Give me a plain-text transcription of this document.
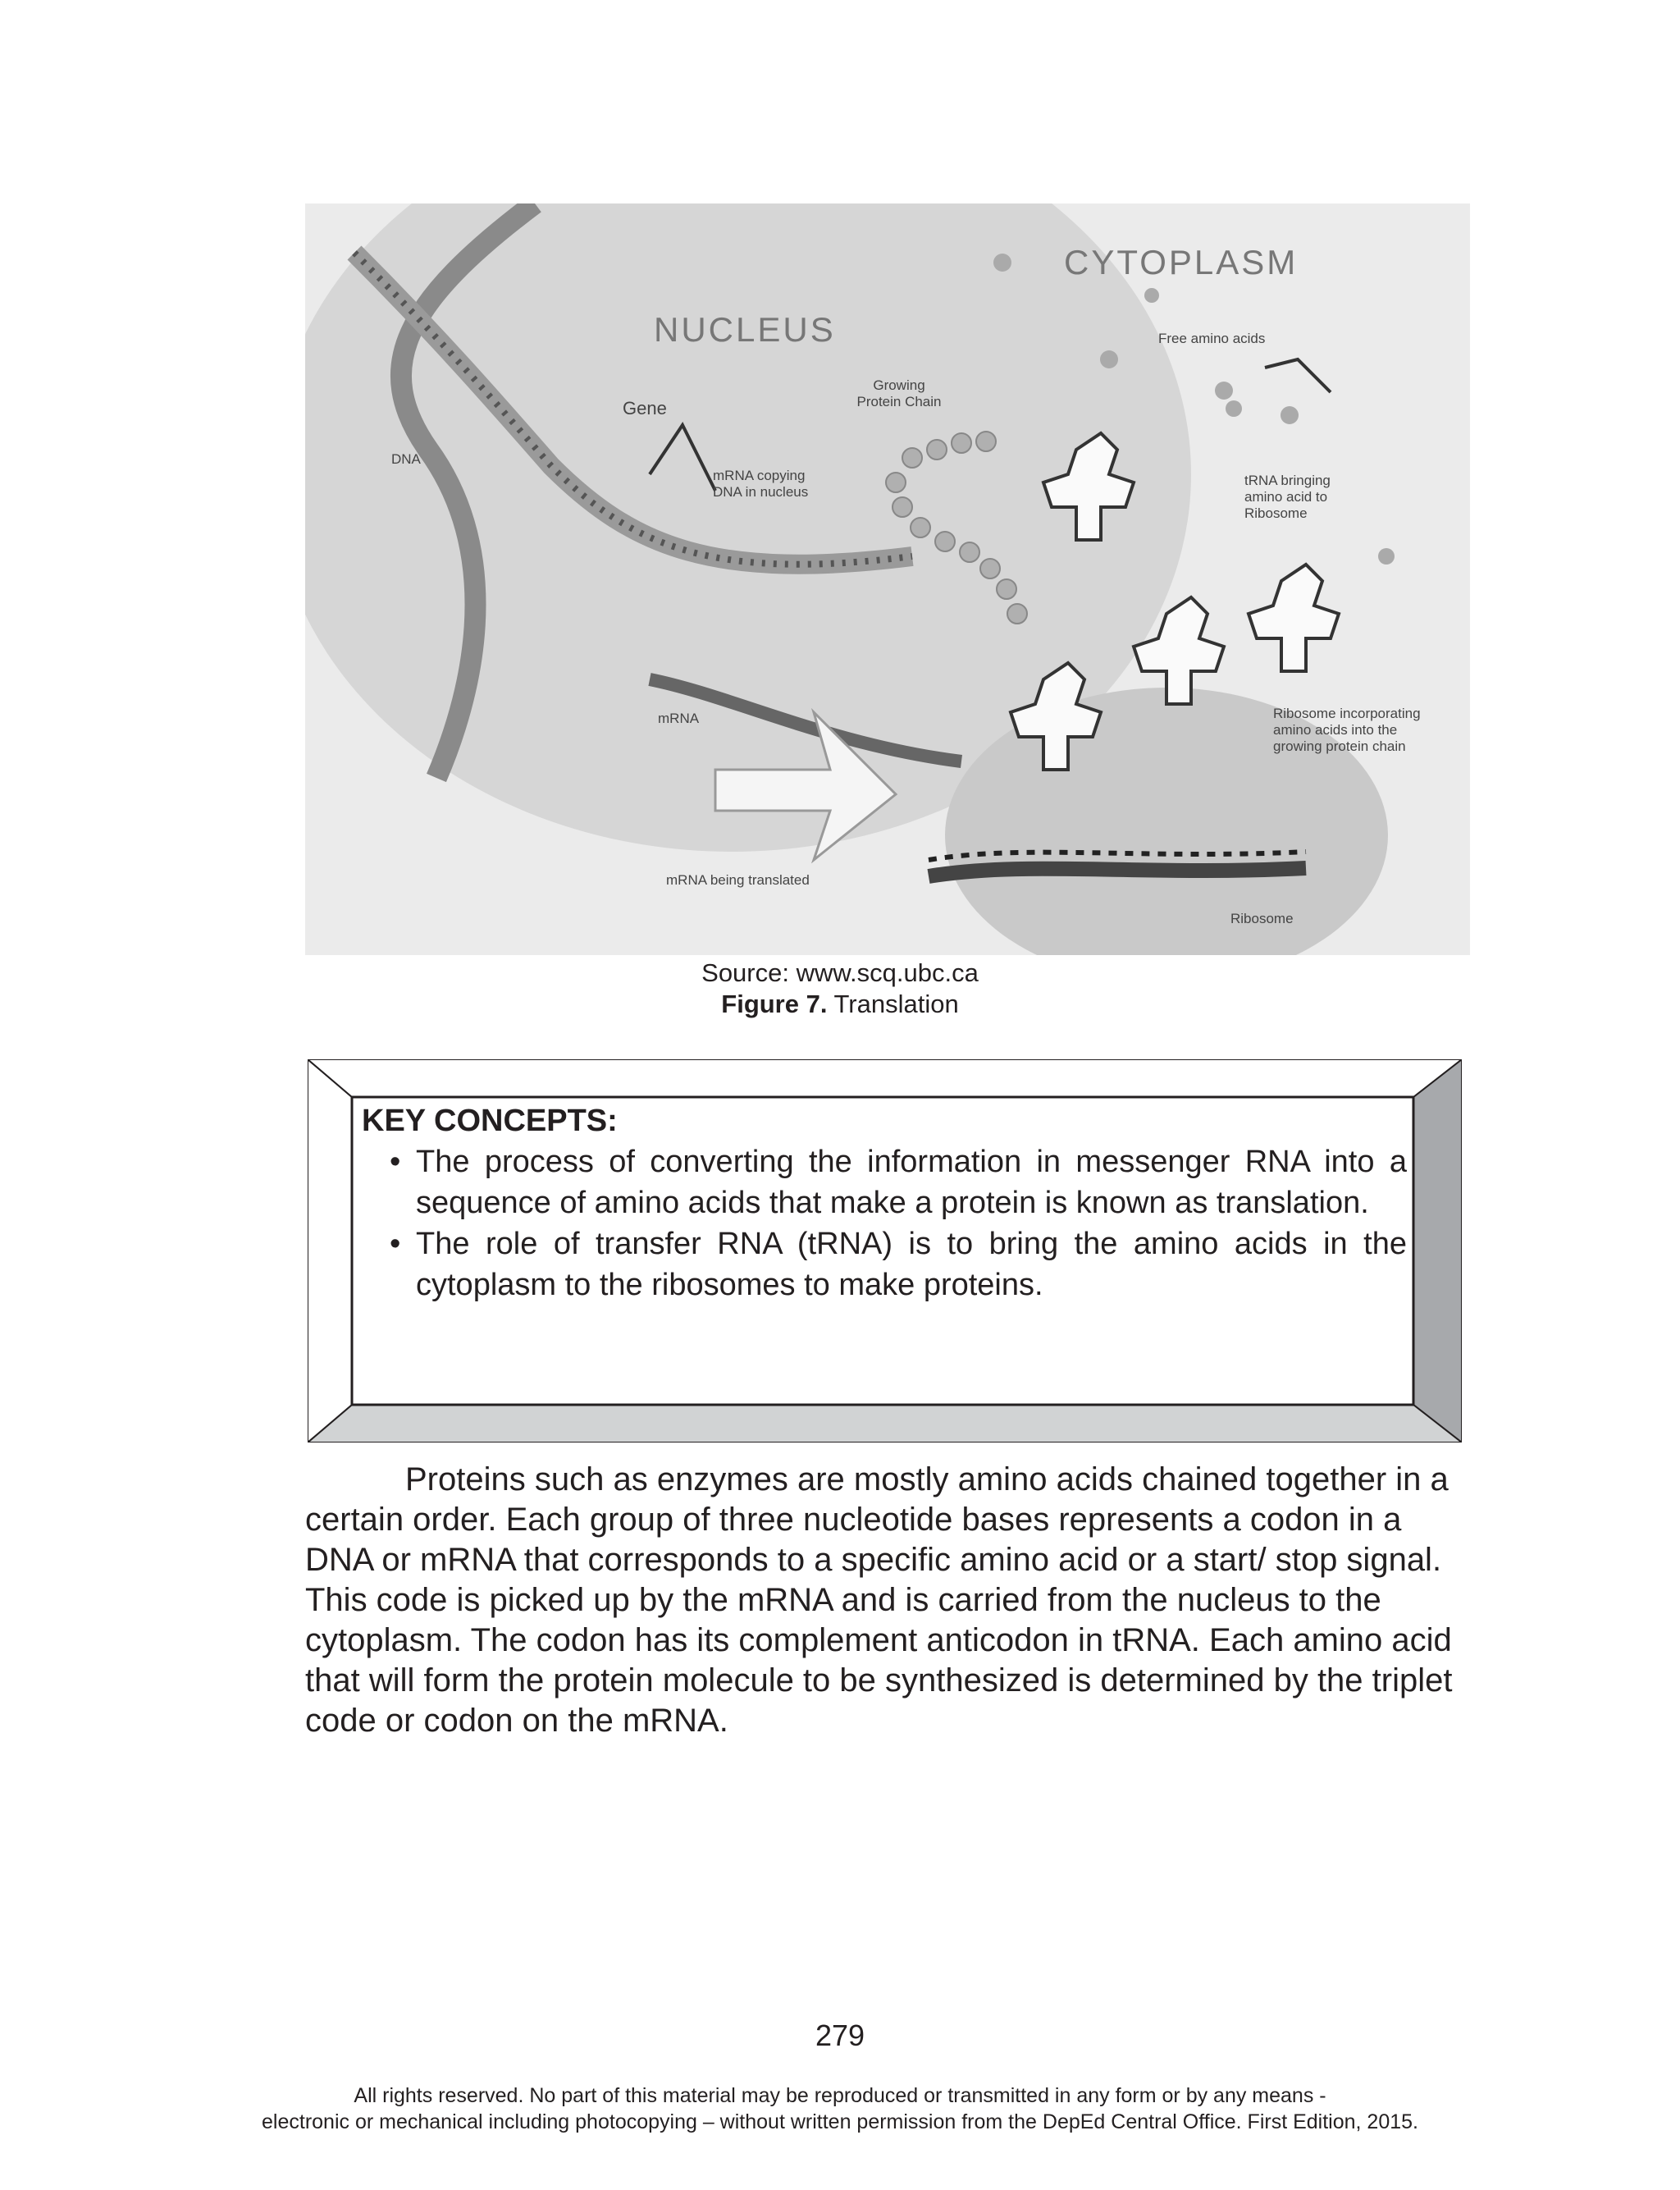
CYTOPLASM
NUCLEUS	Free amino acids
Growing Protein Chain
Gene
DNA
mRNA copying DNA in nucleus
tRNA bringing amino acid to Ribosome
mRNA	Ribosome incorporating amino acids into the growing protein chain
mRNA being translated
Ribosome
Source: www.scq.ubc.ca
Figure 7. Translation
KEY CONCEPTS:
• The process of converting the information in messenger RNA into a sequence of amino acids that make a protein is known as translation.
• The role of transfer RNA (tRNA) is to bring the amino acids in the cytoplasm to the ribosomes to make proteins.
Proteins such as enzymes are mostly amino acids chained together in a certain order. Each group of three nucleotide bases represents a codon in a DNA or mRNA that corresponds to a specific amino acid or a start/ stop signal. This code is picked up by the mRNA and is carried from the nucleus to the cytoplasm. The codon has its complement anticodon in tRNA. Each amino acid that will form the protein molecule to be synthesized is determined by the triplet code or codon on the mRNA.
279
All rights reserved. No part of this material may be reproduced or transmitted in any form or by any means -
electronic or mechanical including photocopying – without written permission from the DepEd Central Office. First Edition, 2015.
